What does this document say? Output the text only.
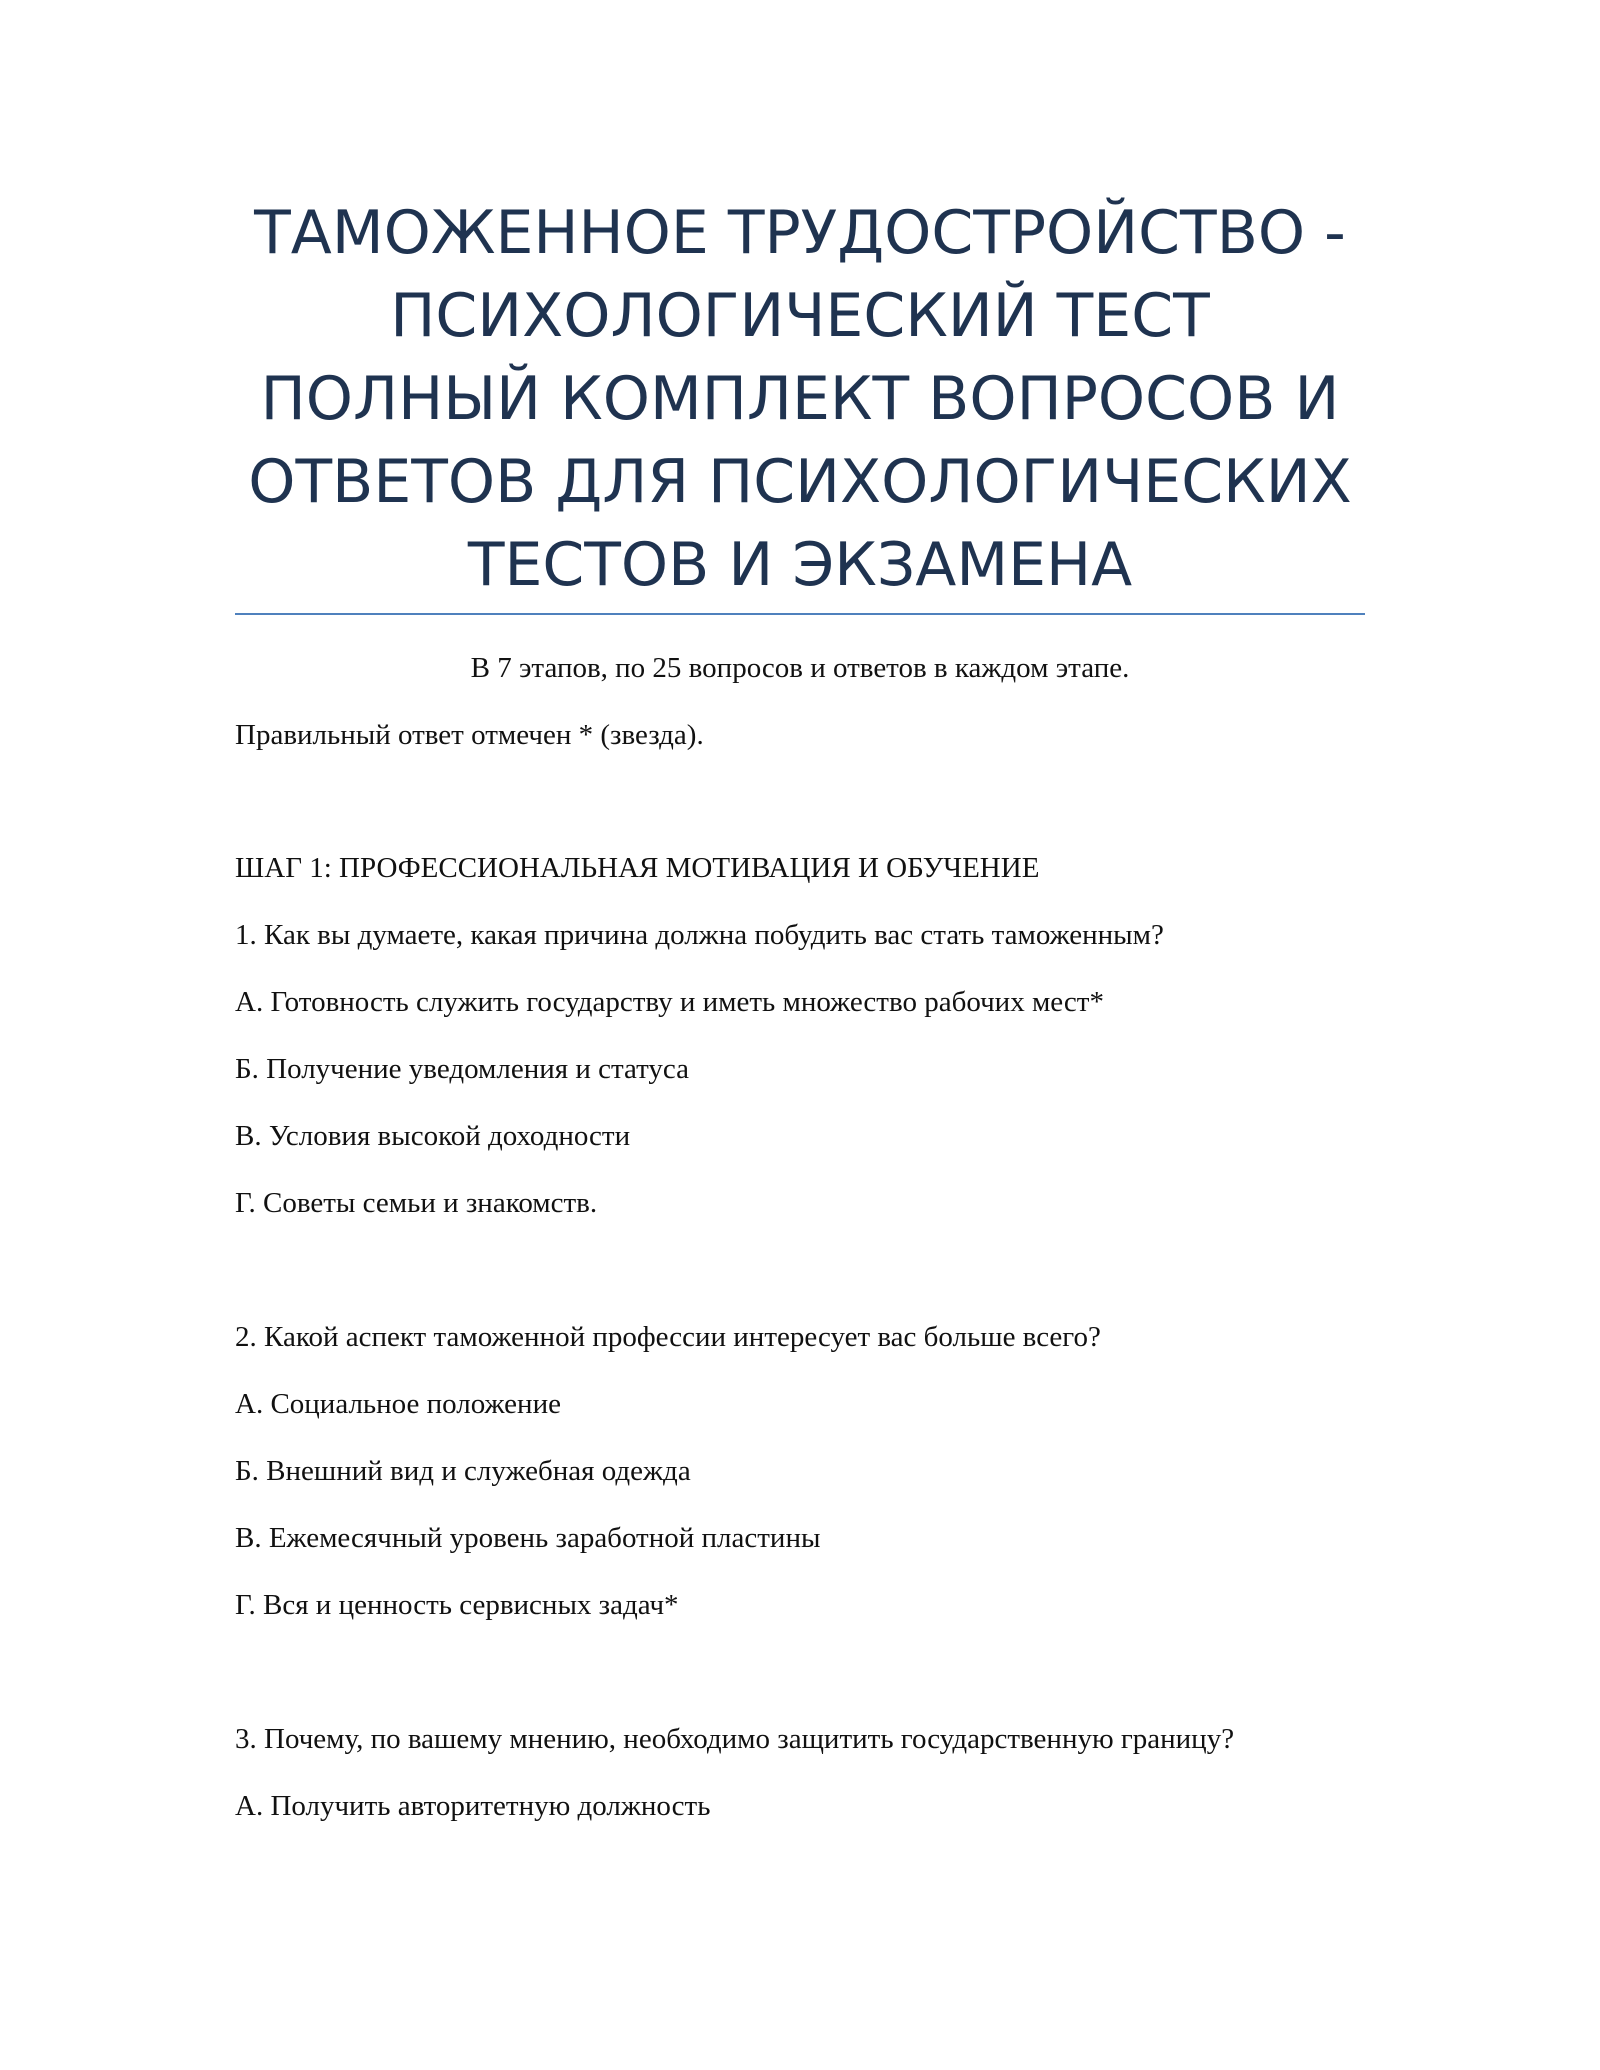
ТАМОЖЕННОЕ ТРУДОСТРОЙСТВО -
ПСИХОЛОГИЧЕСКИЙ ТЕСТ
ПОЛНЫЙ КОМПЛЕКТ ВОПРОСОВ И
ОТВЕТОВ ДЛЯ ПСИХОЛОГИЧЕСКИХ
ТЕСТОВ И ЭКЗАМЕНА
В 7 этапов, по 25 вопросов и ответов в каждом этапе.
Правильный ответ отмечен * (звезда).
ШАГ 1: ПРОФЕССИОНАЛЬНАЯ МОТИВАЦИЯ И ОБУЧЕНИЕ
1. Как вы думаете, какая причина должна побудить вас стать таможенным?
А. Готовность служить государству и иметь множество рабочих мест*
Б. Получение уведомления и статуса
В. Условия высокой доходности
Г. Советы семьи и знакомств.
2. Какой аспект таможенной профессии интересует вас больше всего?
А. Социальное положение
Б. Внешний вид и служебная одежда
В. Ежемесячный уровень заработной пластины
Г. Вся и ценность сервисных задач*
3. Почему, по вашему мнению, необходимо защитить государственную границу?
А. Получить авторитетную должность
